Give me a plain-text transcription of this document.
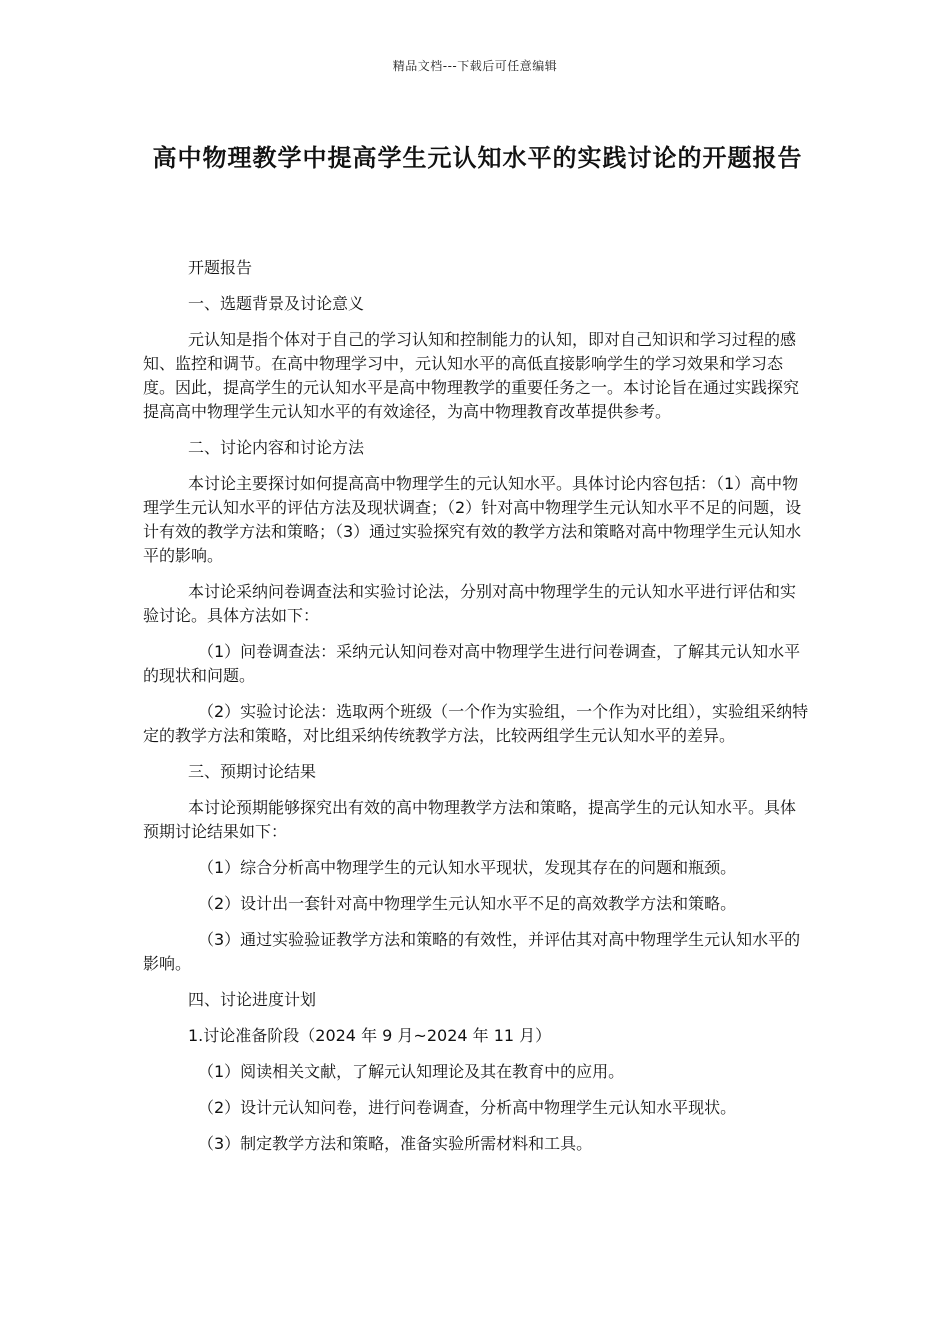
精品文档---下载后可任意编辑
高中物理教学中提高学生元认知水平的实践讨论的开题报告

开题报告

一、选题背景及讨论意义

元认知是指个体对于自己的学习认知和控制能力的认知，即对自己知识和学习过程的感知、监控和调节。在高中物理学习中，元认知水平的高低直接影响学生的学习效果和学习态度。因此，提高学生的元认知水平是高中物理教学的重要任务之一。本讨论旨在通过实践探究提高高中物理学生元认知水平的有效途径，为高中物理教育改革提供参考。

二、讨论内容和讨论方法

本讨论主要探讨如何提高高中物理学生的元认知水平。具体讨论内容包括：（1）高中物理学生元认知水平的评估方法及现状调查；（2）针对高中物理学生元认知水平不足的问题，设计有效的教学方法和策略；（3）通过实验探究有效的教学方法和策略对高中物理学生元认知水平的影响。

本讨论采纳问卷调查法和实验讨论法，分别对高中物理学生的元认知水平进行评估和实验讨论。具体方法如下：

（1）问卷调查法：采纳元认知问卷对高中物理学生进行问卷调查，了解其元认知水平的现状和问题。

（2）实验讨论法：选取两个班级（一个作为实验组，一个作为对比组），实验组采纳特定的教学方法和策略，对比组采纳传统教学方法，比较两组学生元认知水平的差异。

三、预期讨论结果

本讨论预期能够探究出有效的高中物理教学方法和策略，提高学生的元认知水平。具体预期讨论结果如下：

（1）综合分析高中物理学生的元认知水平现状，发现其存在的问题和瓶颈。

（2）设计出一套针对高中物理学生元认知水平不足的高效教学方法和策略。

（3）通过实验验证教学方法和策略的有效性，并评估其对高中物理学生元认知水平的影响。

四、讨论进度计划

1.讨论准备阶段（2024 年 9 月~2024 年 11 月）

（1）阅读相关文献，了解元认知理论及其在教育中的应用。

（2）设计元认知问卷，进行问卷调查，分析高中物理学生元认知水平现状。

（3）制定教学方法和策略，准备实验所需材料和工具。
